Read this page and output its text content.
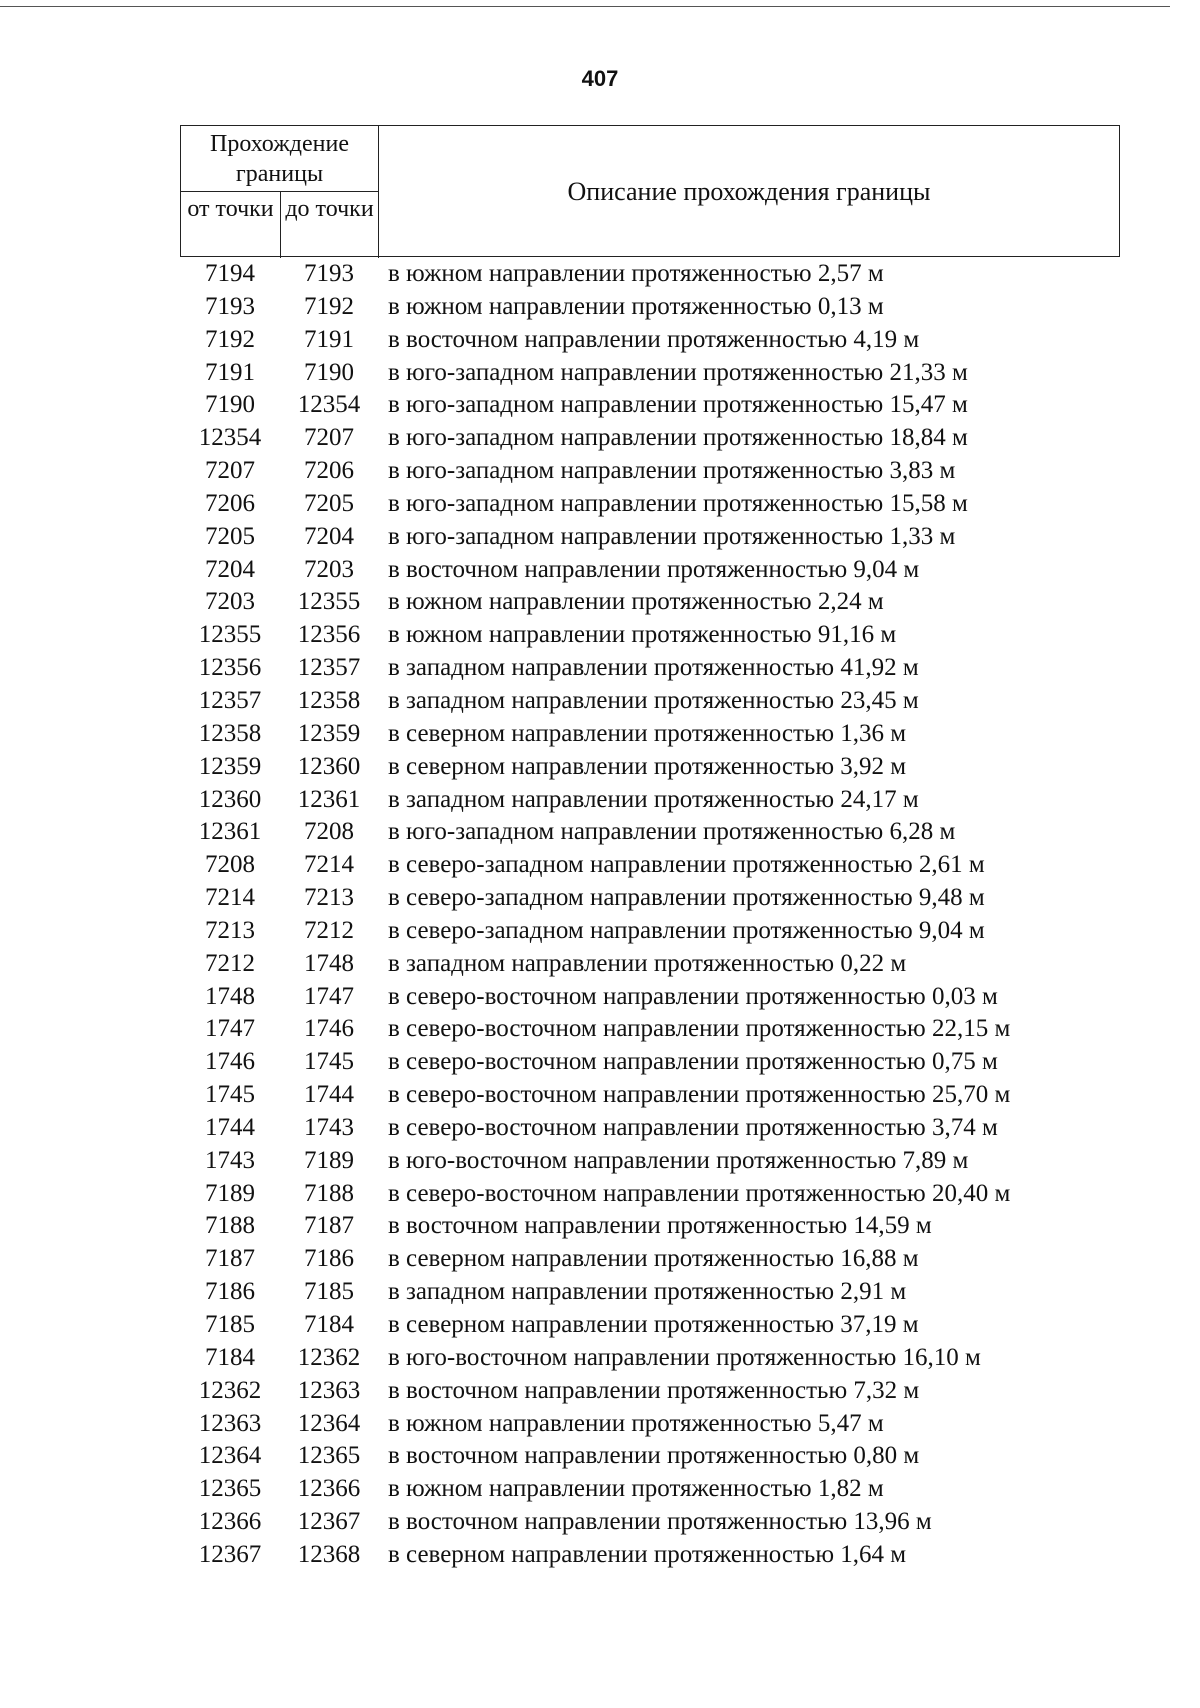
407
Прохождение границы
от точки до точки
Описание прохождения границы
7194	7193	в южном направлении протяженностью 2,57 м
7193	7192	в южном направлении протяженностью 0,13 м
7192	7191	в восточном направлении протяженностью 4,19 м
7191	7190	в юго-западном направлении протяженностью 21,33 м
7190	12354	в юго-западном направлении протяженностью 15,47 м
12354	7207	в юго-западном направлении протяженностью 18,84 м
7207	7206	в юго-западном направлении протяженностью 3,83 м
7206	7205	в юго-западном направлении протяженностью 15,58 м
7205	7204	в юго-западном направлении протяженностью 1,33 м
7204	7203	в восточном направлении протяженностью 9,04 м
7203	12355	в южном направлении протяженностью 2,24 м
12355	12356	в южном направлении протяженностью 91,16 м
12356	12357	в западном направлении протяженностью 41,92 м
12357	12358	в западном направлении протяженностью 23,45 м
12358	12359	в северном направлении протяженностью 1,36 м
12359	12360	в северном направлении протяженностью 3,92 м
12360	12361	в западном направлении протяженностью 24,17 м
12361	7208	в юго-западном направлении протяженностью 6,28 м
7208	7214	в северо-западном направлении протяженностью 2,61 м
7214	7213	в северо-западном направлении протяженностью 9,48 м
7213	7212	в северо-западном направлении протяженностью 9,04 м
7212	1748	в западном направлении протяженностью 0,22 м
1748	1747	в северо-восточном направлении протяженностью 0,03 м
1747	1746	в северо-восточном направлении протяженностью 22,15 м
1746	1745	в северо-восточном направлении протяженностью 0,75 м
1745	1744	в северо-восточном направлении протяженностью 25,70 м
1744	1743	в северо-восточном направлении протяженностью 3,74 м
1743	7189	в юго-восточном направлении протяженностью 7,89 м
7189	7188	в северо-восточном направлении протяженностью 20,40 м
7188	7187	в восточном направлении протяженностью 14,59 м
7187	7186	в северном направлении протяженностью 16,88 м
7186	7185	в западном направлении протяженностью 2,91 м
7185	7184	в северном направлении протяженностью 37,19 м
7184	12362	в юго-восточном направлении протяженностью 16,10 м
12362	12363	в восточном направлении протяженностью 7,32 м
12363	12364	в южном направлении протяженностью 5,47 м
12364	12365	в восточном направлении протяженностью 0,80 м
12365	12366	в южном направлении протяженностью 1,82 м
12366	12367	в восточном направлении протяженностью 13,96 м
12367	12368	в северном направлении протяженностью 1,64 м
